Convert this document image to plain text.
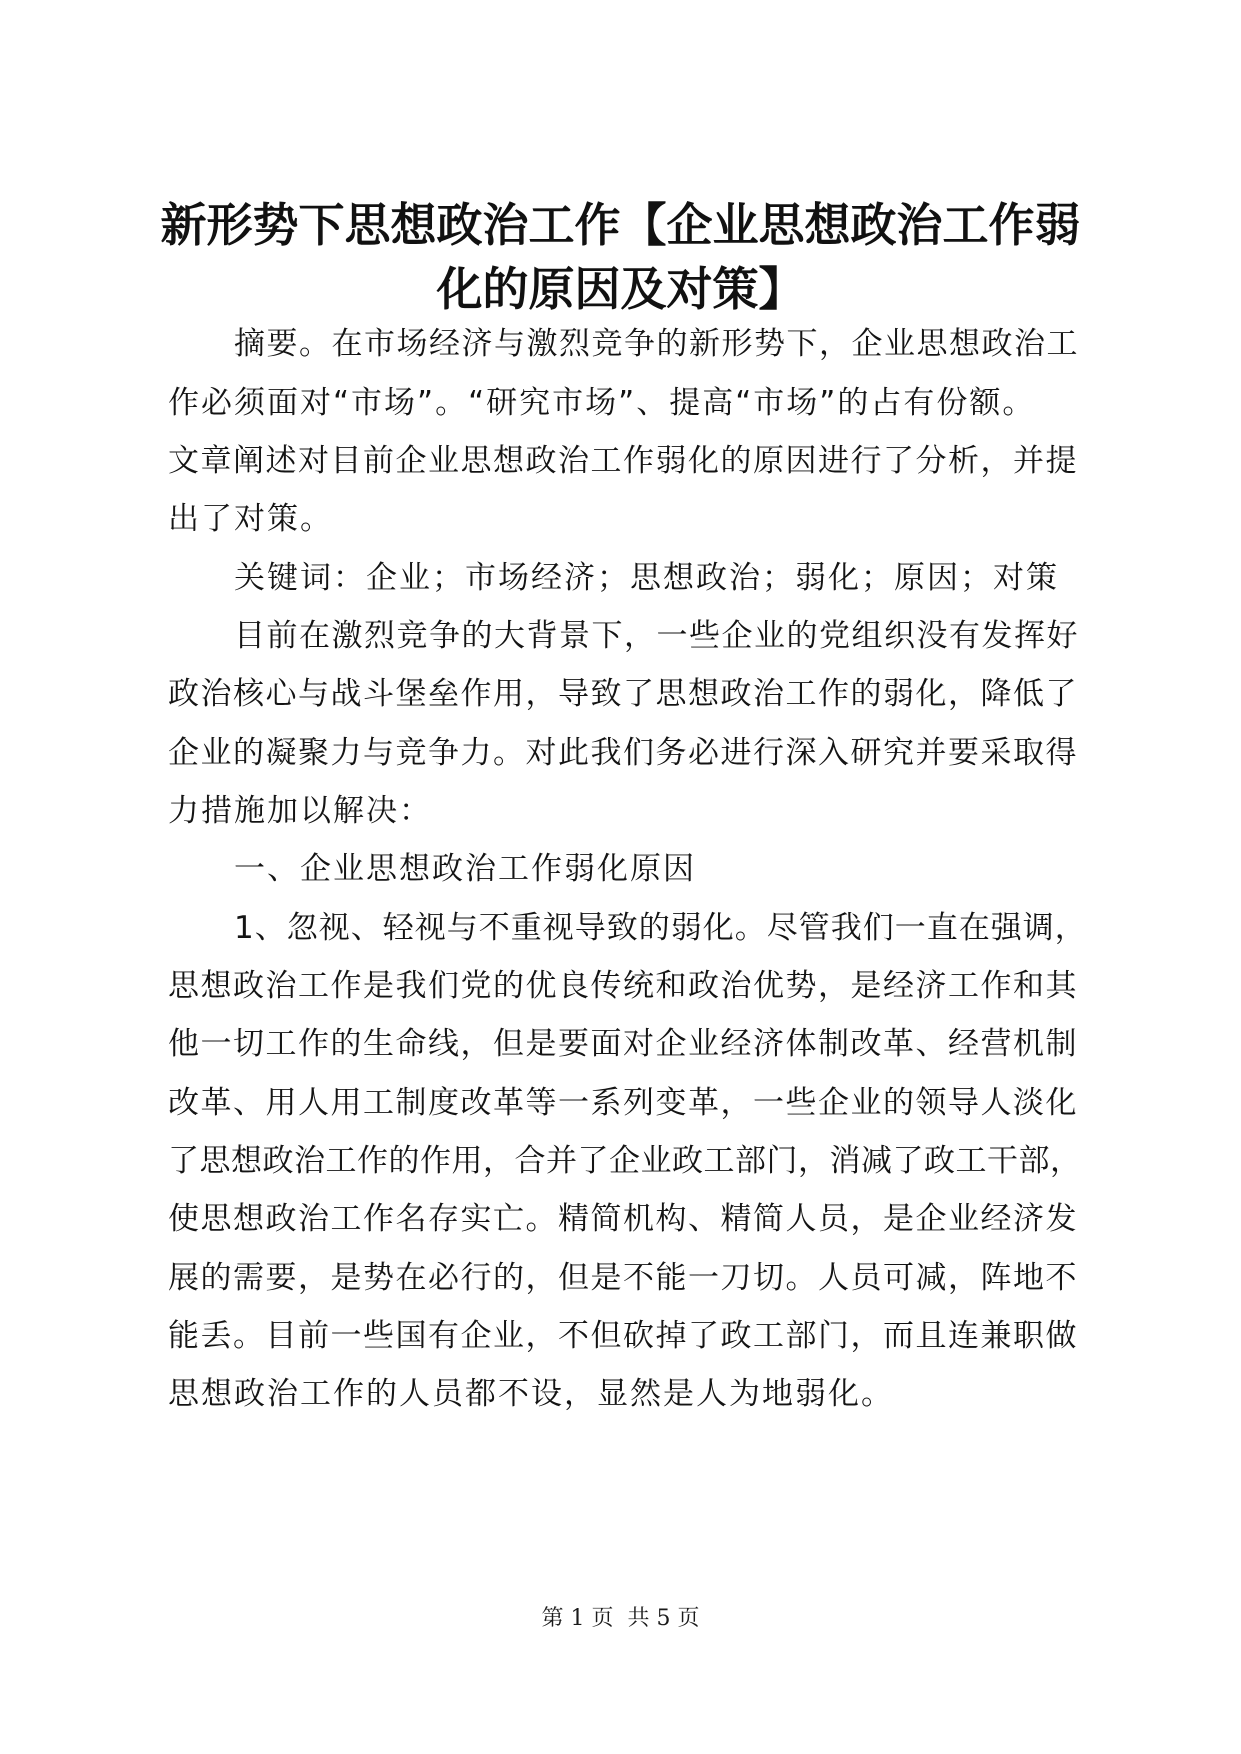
新形势下思想政治工作【企业思想政治工作弱
化的原因及对策】
摘要。在市场经济与激烈竞争的新形势下，企业思想政治工
作必须面对“市场”。“研究市场”、提高“市场”的占有份额。
文章阐述对目前企业思想政治工作弱化的原因进行了分析，并提
出了对策。
关键词：企业；市场经济；思想政治；弱化；原因；对策
目前在激烈竞争的大背景下，一些企业的党组织没有发挥好
政治核心与战斗堡垒作用，导致了思想政治工作的弱化，降低了
企业的凝聚力与竞争力。对此我们务必进行深入研究并要采取得
力措施加以解决：
一、企业思想政治工作弱化原因
1、忽视、轻视与不重视导致的弱化。尽管我们一直在强调，
思想政治工作是我们党的优良传统和政治优势，是经济工作和其
他一切工作的生命线，但是要面对企业经济体制改革、经营机制
改革、用人用工制度改革等一系列变革，一些企业的领导人淡化
了思想政治工作的作用，合并了企业政工部门，消减了政工干部，
使思想政治工作名存实亡。精简机构、精简人员，是企业经济发
展的需要，是势在必行的，但是不能一刀切。人员可减，阵地不
能丢。目前一些国有企业，不但砍掉了政工部门，而且连兼职做
思想政治工作的人员都不设，显然是人为地弱化。
第 1 页  共 5 页
